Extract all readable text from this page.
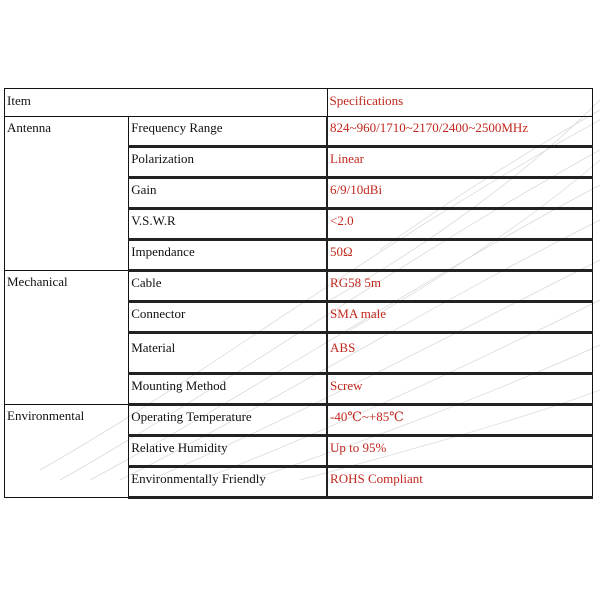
Item		Specifications
Antenna	Frequency Range	824~960/1710~2170/2400~2500MHz
	Polarization	Linear
	Gain	6/9/10dBi
	V.S.W.R	<2.0
	Impendance	50Ω
Mechanical	Cable	RG58 5m
	Connector	SMA male
	Material	ABS
	Mounting Method	Screw
Environmental	Operating Temperature	-40℃~+85℃
	Relative Humidity	Up to 95%
	Environmentally Friendly	ROHS Compliant
